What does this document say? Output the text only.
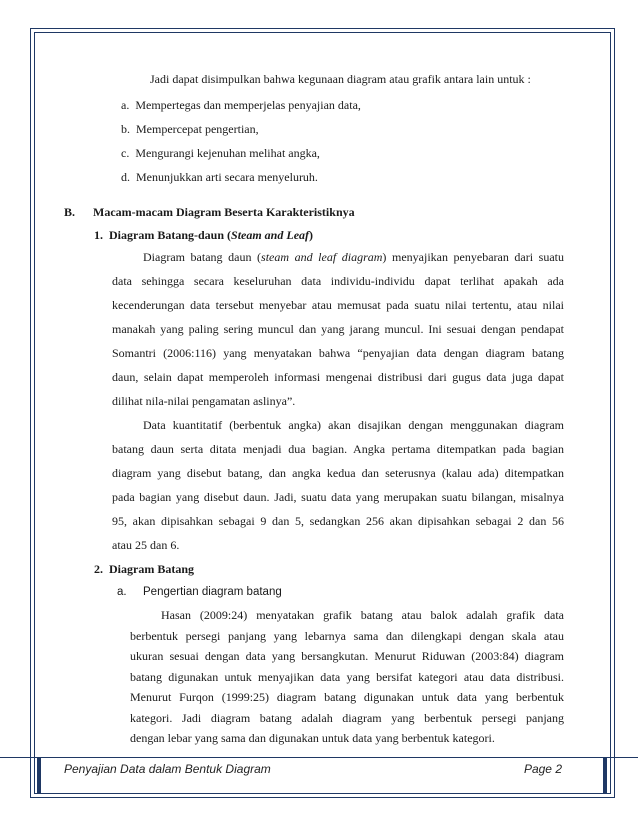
Jadi dapat disimpulkan bahwa kegunaan diagram atau grafik antara lain untuk :
a. Mempertegas dan memperjelas penyajian data,
b. Mempercepat pengertian,
c. Mengurangi kejenuhan melihat angka,
d. Menunjukkan arti secara menyeluruh.
B. Macam-macam Diagram Beserta Karakteristiknya
1. Diagram Batang-daun (Steam and Leaf)
Diagram batang daun (steam and leaf diagram) menyajikan penyebaran dari suatu
data sehingga secara keseluruhan data individu-individu dapat terlihat apakah ada
kecenderungan data tersebut menyebar atau memusat pada suatu nilai tertentu, atau nilai
manakah yang paling sering muncul dan yang jarang muncul. Ini sesuai dengan pendapat
Somantri (2006:116) yang menyatakan bahwa “penyajian data dengan diagram batang
daun, selain dapat memperoleh informasi mengenai distribusi dari gugus data juga dapat
dilihat nila-nilai pengamatan aslinya”.
Data kuantitatif (berbentuk angka) akan disajikan dengan menggunakan diagram
batang daun serta ditata menjadi dua bagian. Angka pertama ditempatkan pada bagian
diagram yang disebut batang, dan angka kedua dan seterusnya (kalau ada) ditempatkan
pada bagian yang disebut daun. Jadi, suatu data yang merupakan suatu bilangan, misalnya
95, akan dipisahkan sebagai 9 dan 5, sedangkan 256 akan dipisahkan sebagai 2 dan 56
atau 25 dan 6.
2. Diagram Batang
a. Pengertian diagram batang
Hasan (2009:24) menyatakan grafik batang atau balok adalah grafik data
berbentuk persegi panjang yang lebarnya sama dan dilengkapi dengan skala atau
ukuran sesuai dengan data yang bersangkutan. Menurut Riduwan (2003:84) diagram
batang digunakan untuk menyajikan data yang bersifat kategori atau data distribusi.
Menurut Furqon (1999:25) diagram batang digunakan untuk data yang berbentuk
kategori. Jadi diagram batang adalah diagram yang berbentuk persegi panjang
dengan lebar yang sama dan digunakan untuk data yang berbentuk kategori.
Penyajian Data dalam Bentuk Diagram	Page 2
